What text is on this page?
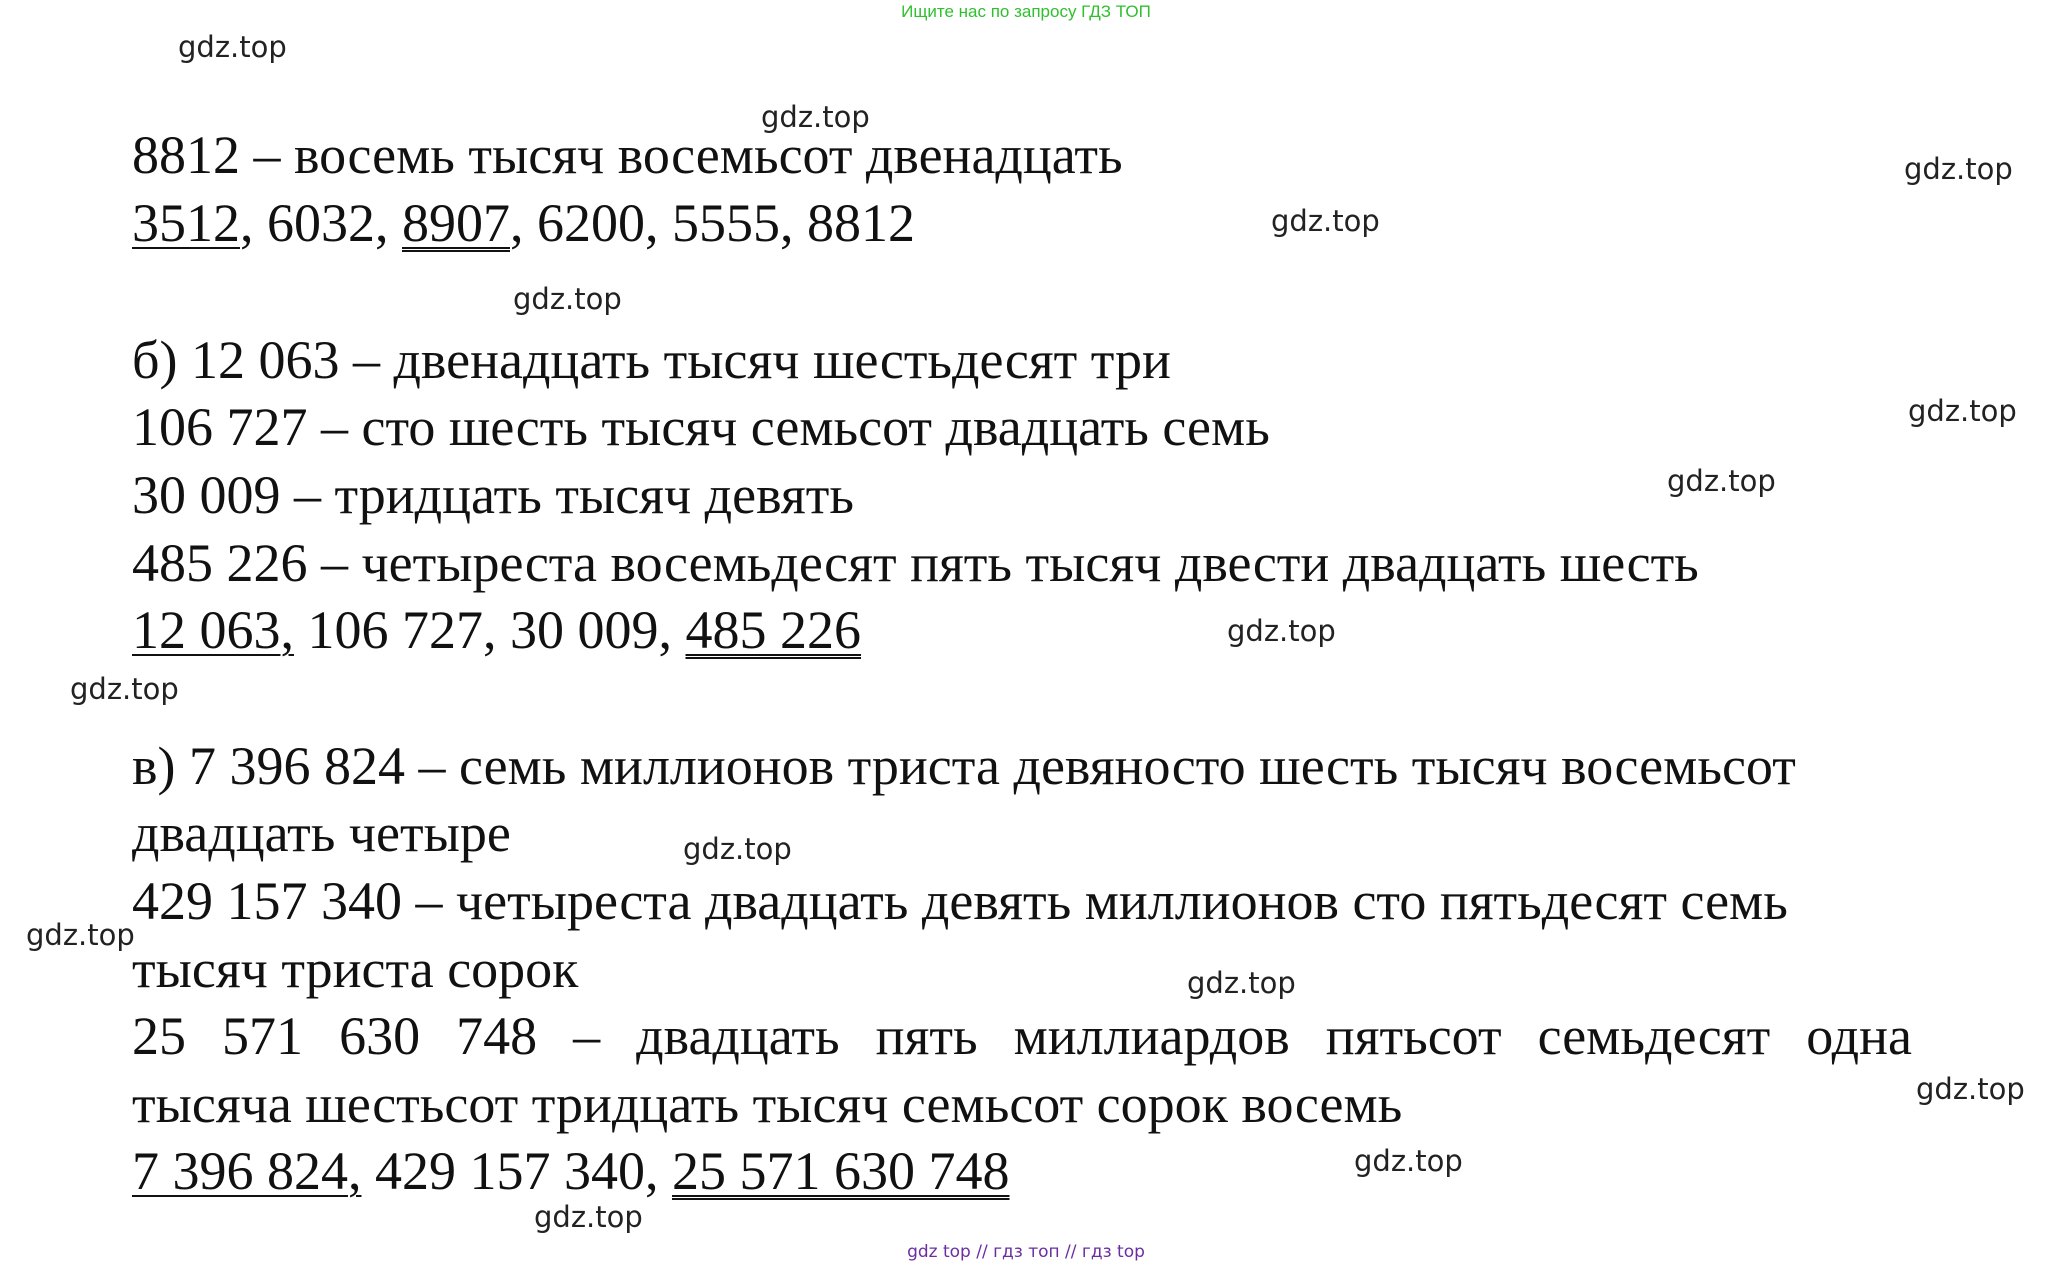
Ищите нас по запросу ГДЗ ТОП
gdz.top
gdz.top
gdz.top
gdz.top
gdz.top
gdz.top
gdz.top
gdz.top
gdz.top
gdz.top
gdz.top
gdz.top
gdz.top
gdz.top
gdz.top
8812 – восемь тысяч восемьсот двенадцать
3512, 6032, 8907, 6200, 5555, 8812
б) 12 063 – двенадцать тысяч шестьдесят три
106 727 – сто шесть тысяч семьсот двадцать семь
30 009 – тридцать тысяч девять
485 226 – четыреста восемьдесят пять тысяч двести двадцать шесть
12 063, 106 727, 30 009, 485 226
в) 7 396 824 – семь миллионов триста девяносто шесть тысяч восемьсот
двадцать четыре
429 157 340 – четыреста двадцать девять миллионов сто пятьдесят семь
тысяч триста сорок
25 571 630 748 – двадцать пять миллиардов пятьсот семьдесят одна
тысяча шестьсот тридцать тысяч семьсот сорок восемь
7 396 824, 429 157 340, 25 571 630 748
gdz top // гдз топ // гдз top
